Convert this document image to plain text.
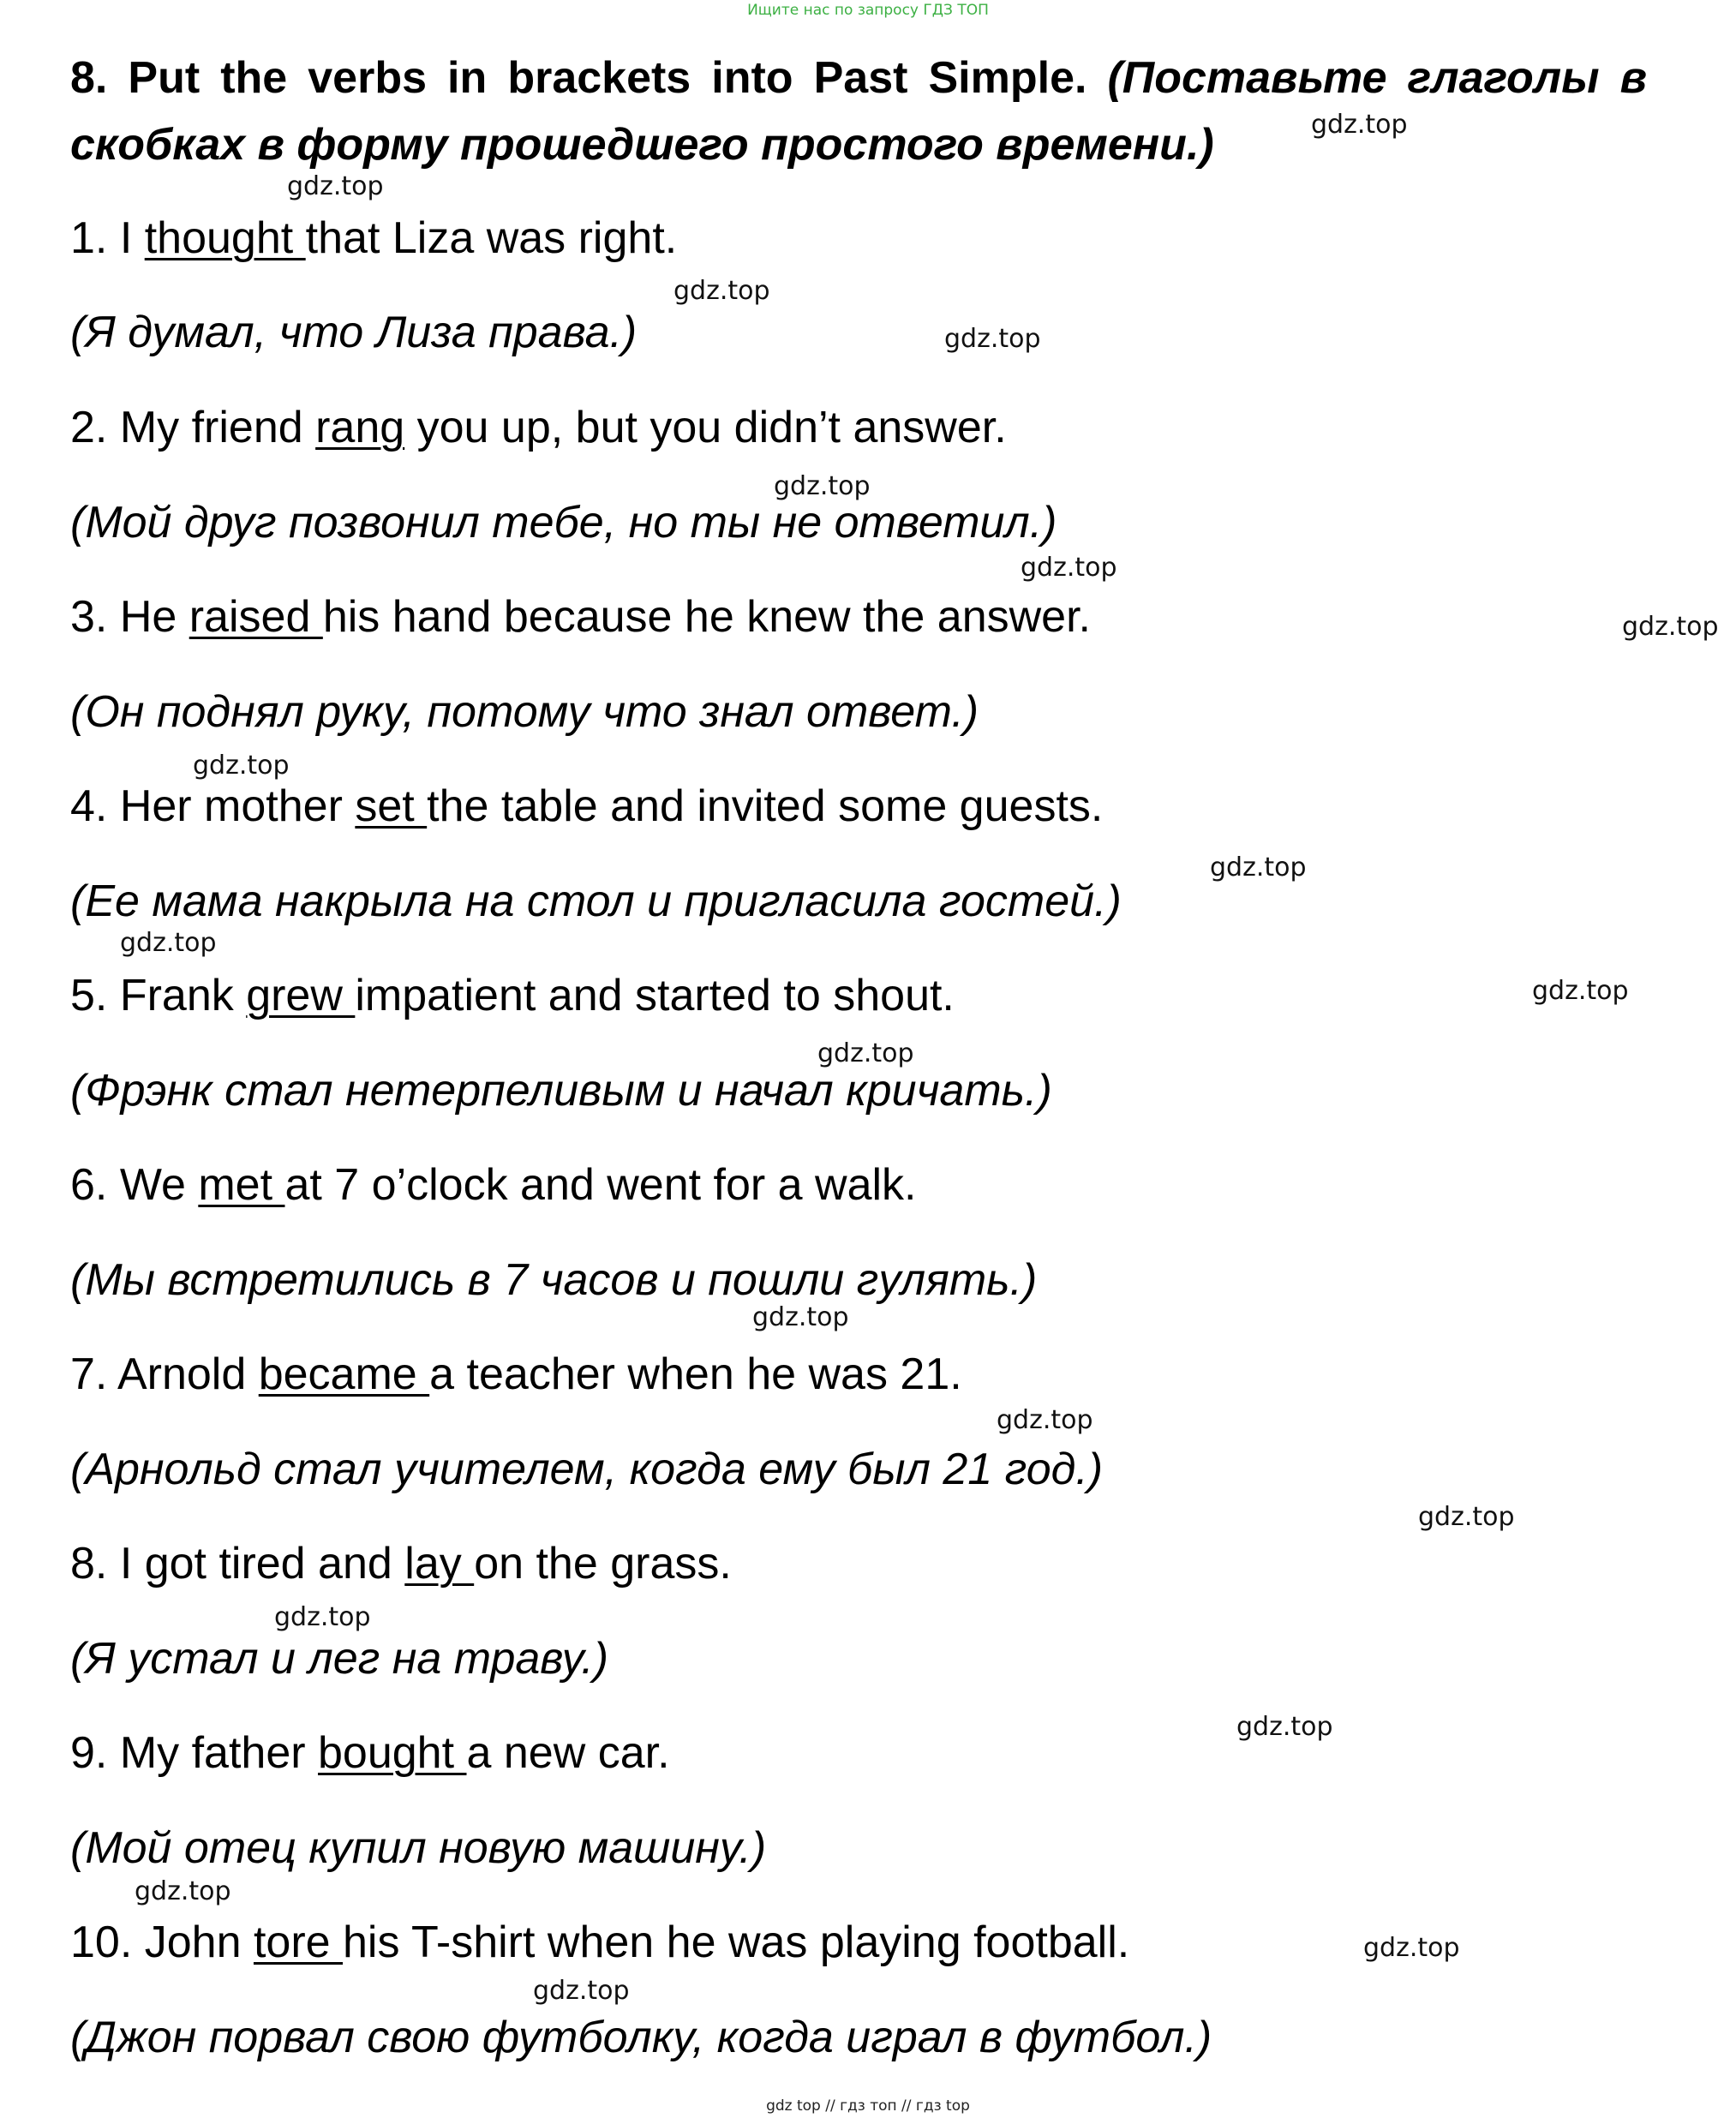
Ищите нас по запросу ГДЗ ТОП

8. Put the verbs in brackets into Past Simple. (Поставьте глаголы в скобках в форму прошедшего простого времени.)

1. I thought that Liza was right.

(Я думал, что Лиза права.)

2. My friend rang you up, but you didn’t answer.

(Мой друг позвонил тебе, но ты не ответил.)

3. He raised his hand because he knew the answer.

(Он поднял руку, потому что знал ответ.)

4. Her mother set the table and invited some guests.

(Ее мама накрыла на стол и пригласила гостей.)

5. Frank grew impatient and started to shout.

(Фрэнк стал нетерпеливым и начал кричать.)

6. We met at 7 o’clock and went for a walk.

(Мы встретились в 7 часов и пошли гулять.)

7. Arnold became a teacher when he was 21.

(Арнольд стал учителем, когда ему был 21 год.)

8. I got tired and lay on the grass.

(Я устал и лег на траву.)

9. My father bought a new car.

(Мой отец купил новую машину.)

10. John tore his T-shirt when he was playing football.

(Джон порвал свою футболку, когда играл в футбол.)

gdz.top
gdz.top
gdz.top
gdz.top
gdz.top
gdz.top
gdz.top
gdz.top
gdz.top
gdz.top
gdz.top
gdz.top
gdz.top
gdz.top
gdz.top
gdz.top
gdz.top
gdz.top
gdz.top
gdz.top
gdz top // гдз топ // гдз top
